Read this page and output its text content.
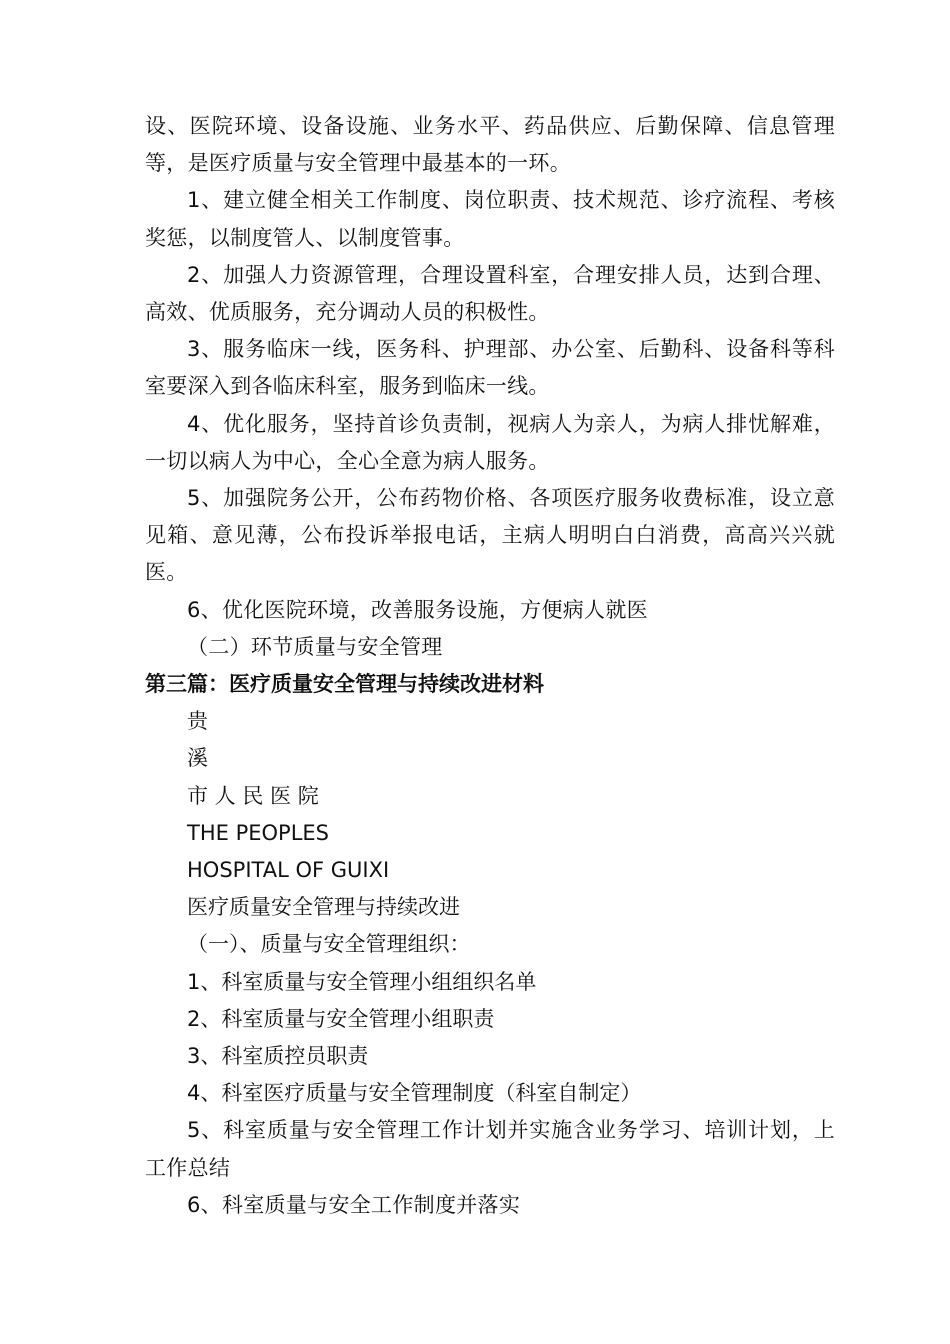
设、医院环境、设备设施、业务水平、药品供应、后勤保障、信息管理等，是医疗质量与安全管理中最基本的一环。

1、建立健全相关工作制度、岗位职责、技术规范、诊疗流程、考核奖惩，以制度管人、以制度管事。

2、加强人力资源管理，合理设置科室，合理安排人员，达到合理、高效、优质服务，充分调动人员的积极性。

3、服务临床一线，医务科、护理部、办公室、后勤科、设备科等科室要深入到各临床科室，服务到临床一线。

4、优化服务，坚持首诊负责制，视病人为亲人，为病人排忧解难，一切以病人为中心，全心全意为病人服务。

5、加强院务公开，公布药物价格、各项医疗服务收费标准，设立意见箱、意见薄，公布投诉举报电话，主病人明明白白消费，高高兴兴就医。

6、优化医院环境，改善服务设施，方便病人就医

（二）环节质量与安全管理

第三篇：医疗质量安全管理与持续改进材料

贵

溪

市 人 民 医 院

THE PEOPLES

HOSPITAL OF GUIXI

医疗质量安全管理与持续改进

（一）、质量与安全管理组织：

1、科室质量与安全管理小组组织名单

2、科室质量与安全管理小组职责

3、科室质控员职责

4、科室医疗质量与安全管理制度（科室自制定）

5、科室质量与安全管理工作计划并实施含业务学习、培训计划，上工作总结

6、科室质量与安全工作制度并落实
